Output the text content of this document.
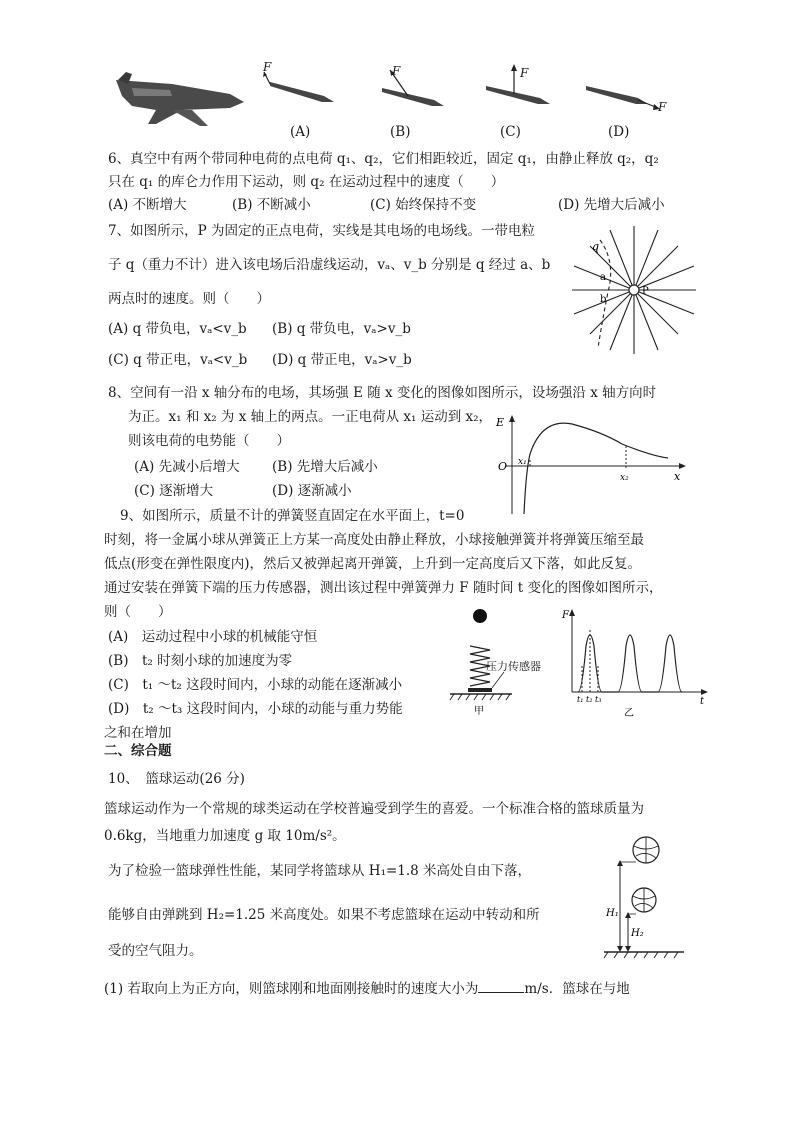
F	F	F
F
(A)	(B)	(C)	(D)
6、真空中有两个带同种电荷的点电荷 q₁、q₂，它们相距较近，固定 q₁，由静止释放 q₂，q₂
只在 q₁ 的库仑力作用下运动，则 q₂ 在运动过程中的速度（　　）
(A) 不断增大	(B) 不断减小	(C) 始终保持不变	(D) 先增大后减小
7、如图所示，P 为固定的正点电荷，实线是其电场的电场线。一带电粒
子 q（重力不计）进入该电场后沿虚线运动，vₐ、v_b 分别是 q 经过 a、b
两点时的速度。则（　　）
(A) q 带负电，vₐ<v_b (B) q 带负电，vₐ>v_b
(C) q 带正电，vₐ<v_b (D) q 带正电，vₐ>v_b
q
a
b
P
8、空间有一沿 x 轴分布的电场，其场强 E 随 x 变化的图像如图所示，设场强沿 x 轴方向时
为正。x₁ 和 x₂ 为 x 轴上的两点。一正电荷从 x₁ 运动到 x₂，
则该电荷的电势能（　　）
(A) 先减小后增大 (B) 先增大后减小
(C) 逐渐增大	(D) 逐渐减小
E
O
x
x₁
x₂
9、如图所示，质量不计的弹簧竖直固定在水平面上，t=0
时刻，将一金属小球从弹簧正上方某一高度处由静止释放，小球接触弹簧并将弹簧压缩至最
低点(形变在弹性限度内)，然后又被弹起离开弹簧，上升到一定高度后又下落，如此反复。
通过安装在弹簧下端的压力传感器，测出该过程中弹簧弹力 F 随时间 t 变化的图像如图所示，
则（　　）
(A)　运动过程中小球的机械能守恒
(B)　t₂ 时刻小球的加速度为零
(C)　t₁ ～t₂ 这段时间内，小球的动能在逐渐减小
(D)　t₂ ～t₃ 这段时间内，小球的动能与重力势能
之和在增加
甲
压力传感器
F
t
t₁ t₂ t₃
乙
二、综合题
10、　篮球运动(26 分)
篮球运动作为一个常规的球类运动在学校普遍受到学生的喜爱。一个标准合格的篮球质量为
0.6kg，当地重力加速度 g 取 10m/s²。
为了检验一篮球弹性性能，某同学将篮球从 H₁=1.8 米高处自由下落，
能够自由弹跳到 H₂=1.25 米高度处。如果不考虑篮球在运动中转动和所
受的空气阻力。
(1) 若取向上为正方向，则篮球刚和地面刚接触时的速度大小为	m/s．篮球在与地
H₁
H₂
